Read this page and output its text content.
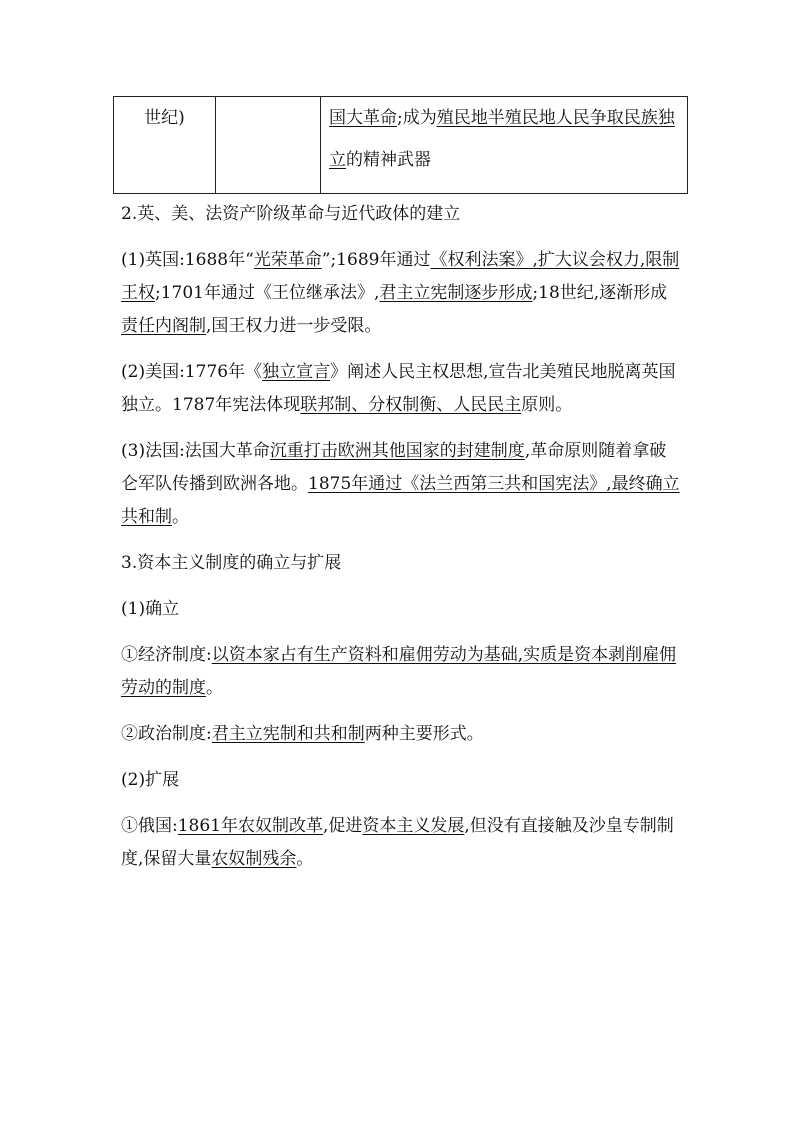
世纪)		国大革命;成为殖民地半殖民地人民争取民族独立的精神武器

2.英、美、法资产阶级革命与近代政体的建立

(1)英国:1688年“光荣革命”;1689年通过《权利法案》,扩大议会权力,限制王权;1701年通过《王位继承法》,君主立宪制逐步形成;18世纪,逐渐形成责任内阁制,国王权力进一步受限。

(2)美国:1776年《独立宣言》阐述人民主权思想,宣告北美殖民地脱离英国独立。1787年宪法体现联邦制、分权制衡、人民民主原则。

(3)法国:法国大革命沉重打击欧洲其他国家的封建制度,革命原则随着拿破仑军队传播到欧洲各地。1875年通过《法兰西第三共和国宪法》,最终确立共和制。

3.资本主义制度的确立与扩展

(1)确立

①经济制度:以资本家占有生产资料和雇佣劳动为基础,实质是资本剥削雇佣劳动的制度。

②政治制度:君主立宪制和共和制两种主要形式。

(2)扩展

①俄国:1861年农奴制改革,促进资本主义发展,但没有直接触及沙皇专制制度,保留大量农奴制残余。
